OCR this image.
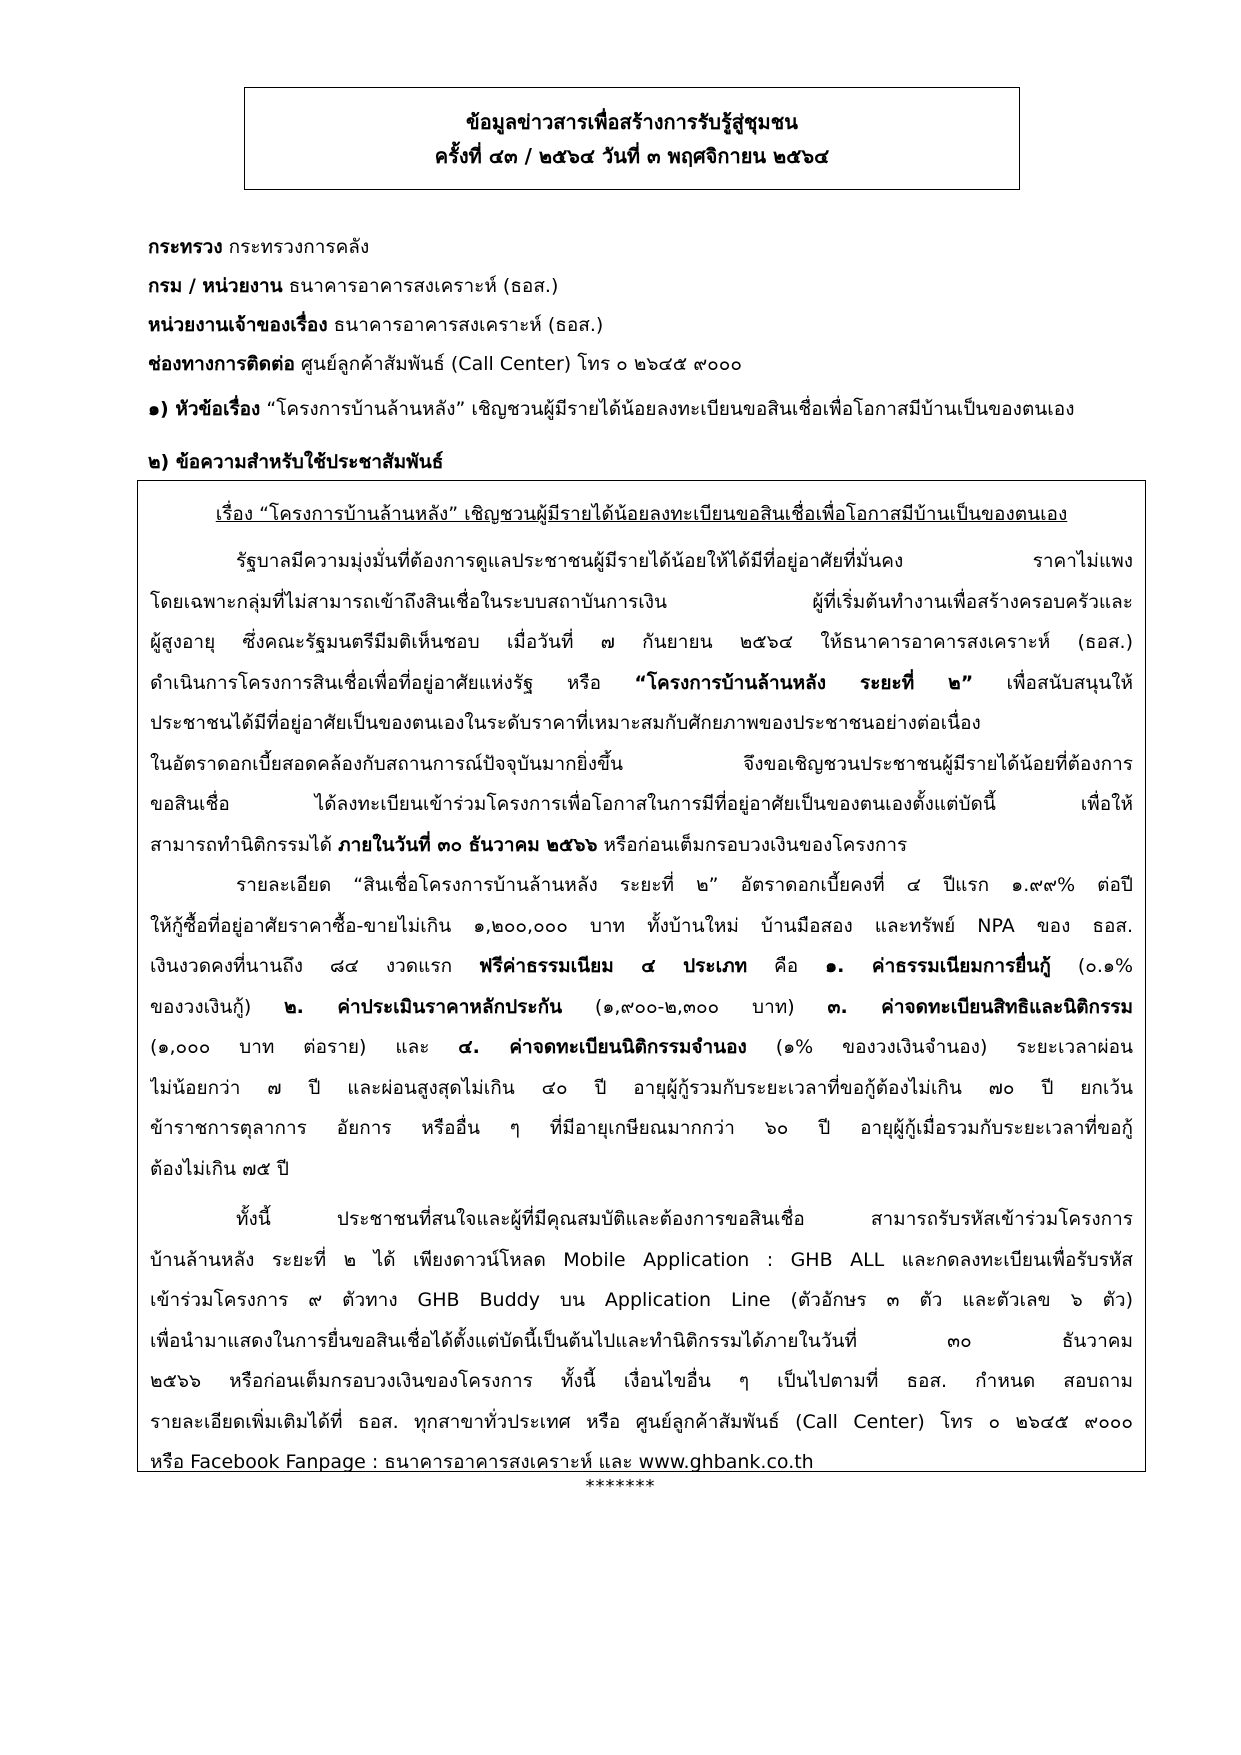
ข้อมูลข่าวสารเพื่อสร้างการรับรู้สู่ชุมชน
ครั้งที่ ๔๓ / ๒๕๖๔ วันที่ ๓ พฤศจิกายน ๒๕๖๔
กระทรวง กระทรวงการคลัง
กรม / หน่วยงาน ธนาคารอาคารสงเคราะห์ (ธอส.)
หน่วยงานเจ้าของเรื่อง ธนาคารอาคารสงเคราะห์ (ธอส.)
ช่องทางการติดต่อ ศูนย์ลูกค้าสัมพันธ์ (Call Center) โทร ๐ ๒๖๔๕ ๙๐๐๐
๑) หัวข้อเรื่อง “โครงการบ้านล้านหลัง” เชิญชวนผู้มีรายได้น้อยลงทะเบียนขอสินเชื่อเพื่อโอกาสมีบ้านเป็นของตนเอง
๒) ข้อความสำหรับใช้ประชาสัมพันธ์
เรื่อง “โครงการบ้านล้านหลัง” เชิญชวนผู้มีรายได้น้อยลงทะเบียนขอสินเชื่อเพื่อโอกาสมีบ้านเป็นของตนเอง
รัฐบาลมีความมุ่งมั่นที่ต้องการดูแลประชาชนผู้มีรายได้น้อยให้ได้มีที่อยู่อาศัยที่มั่นคง ราคาไม่แพง
โดยเฉพาะกลุ่มที่ไม่สามารถเข้าถึงสินเชื่อในระบบสถาบันการเงิน ผู้ที่เริ่มต้นทำงานเพื่อสร้างครอบครัวและ
ผู้สูงอายุ ซึ่งคณะรัฐมนตรีมีมติเห็นชอบ เมื่อวันที่ ๗ กันยายน ๒๕๖๔ ให้ธนาคารอาคารสงเคราะห์ (ธอส.)
ดำเนินการโครงการสินเชื่อเพื่อที่อยู่อาศัยแห่งรัฐ หรือ “โครงการบ้านล้านหลัง ระยะที่ ๒” เพื่อสนับสนุนให้
ประชาชนได้มีที่อยู่อาศัยเป็นของตนเองในระดับราคาที่เหมาะสมกับศักยภาพของประชาชนอย่างต่อเนื่อง
ในอัตราดอกเบี้ยสอดคล้องกับสถานการณ์ปัจจุบันมากยิ่งขึ้น จึงขอเชิญชวนประชาชนผู้มีรายได้น้อยที่ต้องการ
ขอสินเชื่อ ได้ลงทะเบียนเข้าร่วมโครงการเพื่อโอกาสในการมีที่อยู่อาศัยเป็นของตนเองตั้งแต่บัดนี้ เพื่อให้
สามารถทำนิติกรรมได้ ภายในวันที่ ๓๐ ธันวาคม ๒๕๖๖ หรือก่อนเต็มกรอบวงเงินของโครงการ
รายละเอียด “สินเชื่อโครงการบ้านล้านหลัง ระยะที่ ๒” อัตราดอกเบี้ยคงที่ ๔ ปีแรก ๑.๙๙% ต่อปี
ให้กู้ซื้อที่อยู่อาศัยราคาซื้อ-ขายไม่เกิน ๑,๒๐๐,๐๐๐ บาท ทั้งบ้านใหม่ บ้านมือสอง และทรัพย์ NPA ของ ธอส.
เงินงวดคงที่นานถึง ๘๔ งวดแรก ฟรีค่าธรรมเนียม ๔ ประเภท คือ ๑. ค่าธรรมเนียมการยื่นกู้ (๐.๑%
ของวงเงินกู้) ๒. ค่าประเมินราคาหลักประกัน (๑,๙๐๐-๒,๓๐๐ บาท) ๓. ค่าจดทะเบียนสิทธิและนิติกรรม
(๑,๐๐๐ บาท ต่อราย) และ ๔. ค่าจดทะเบียนนิติกรรมจำนอง (๑% ของวงเงินจำนอง) ระยะเวลาผ่อน
ไม่น้อยกว่า ๗ ปี และผ่อนสูงสุดไม่เกิน ๔๐ ปี อายุผู้กู้รวมกับระยะเวลาที่ขอกู้ต้องไม่เกิน ๗๐ ปี ยกเว้น
ข้าราชการตุลาการ อัยการ หรืออื่น ๆ ที่มีอายุเกษียณมากกว่า ๖๐ ปี อายุผู้กู้เมื่อรวมกับระยะเวลาที่ขอกู้
ต้องไม่เกิน ๗๕ ปี
ทั้งนี้ ประชาชนที่สนใจและผู้ที่มีคุณสมบัติและต้องการขอสินเชื่อ สามารถรับรหัสเข้าร่วมโครงการ
บ้านล้านหลัง ระยะที่ ๒ ได้ เพียงดาวน์โหลด Mobile Application : GHB ALL และกดลงทะเบียนเพื่อรับรหัส
เข้าร่วมโครงการ ๙ ตัวทาง GHB Buddy บน Application Line (ตัวอักษร ๓ ตัว และตัวเลข ๖ ตัว)
เพื่อนำมาแสดงในการยื่นขอสินเชื่อได้ตั้งแต่บัดนี้เป็นต้นไปและทำนิติกรรมได้ภายในวันที่ ๓๐ ธันวาคม
๒๕๖๖ หรือก่อนเต็มกรอบวงเงินของโครงการ ทั้งนี้ เงื่อนไขอื่น ๆ เป็นไปตามที่ ธอส. กำหนด สอบถาม
รายละเอียดเพิ่มเติมได้ที่ ธอส. ทุกสาขาทั่วประเทศ หรือ ศูนย์ลูกค้าสัมพันธ์ (Call Center) โทร ๐ ๒๖๔๕ ๙๐๐๐
หรือ Facebook Fanpage : ธนาคารอาคารสงเคราะห์ และ www.ghbank.co.th
*******
